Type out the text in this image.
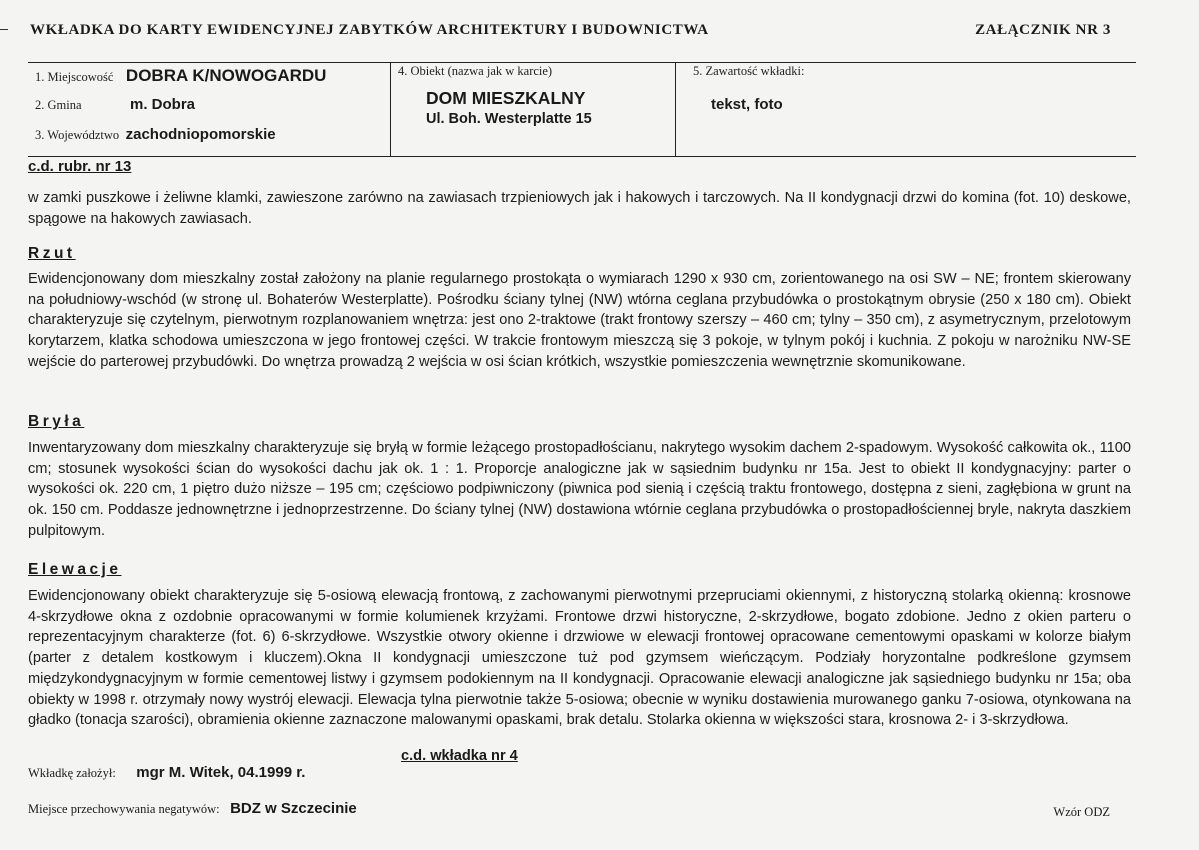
WKŁADKA DO KARTY EWIDENCYJNEJ ZABYTKÓW ARCHITEKTURY I BUDOWNICTWA	ZAŁĄCZNIK NR 3
1. Miejscowość DOBRA K/NOWOGARDU
2. Gmina	m. Dobra
3. Województwo zachodniopomorskie
4. Obiekt (nazwa jak w karcie)
DOM MIESZKALNY
Ul. Boh. Westerplatte 15
5. Zawartość wkładki:
tekst, foto
c.d. rubr. nr 13
w zamki puszkowe i żeliwne klamki, zawieszone zarówno na zawiasach trzpieniowych jak i hakowych i tarczowych. Na II kondygnacji drzwi do komina (fot. 10) deskowe, spągowe na hakowych zawiasach.
Rzut
Ewidencjonowany dom mieszkalny został założony na planie regularnego prostokąta o wymiarach 1290 x 930 cm, zorientowanego na osi SW – NE; frontem skierowany na południowy-wschód (w stronę ul. Bohaterów Westerplatte). Pośrodku ściany tylnej (NW) wtórna ceglana przybudówka o prostokątnym obrysie (250 x 180 cm). Obiekt charakteryzuje się czytelnym, pierwotnym rozplanowaniem wnętrza: jest ono 2-traktowe (trakt frontowy szerszy – 460 cm; tylny – 350 cm), z asymetrycznym, przelotowym korytarzem, klatka schodowa umieszczona w jego frontowej części. W trakcie frontowym mieszczą się 3 pokoje, w tylnym pokój i kuchnia. Z pokoju w narożniku NW-SE wejście do parterowej przybudówki. Do wnętrza prowadzą 2 wejścia w osi ścian krótkich, wszystkie pomieszczenia wewnętrznie skomunikowane.
Bryła
Inwentaryzowany dom mieszkalny charakteryzuje się bryłą w formie leżącego prostopadłościanu, nakrytego wysokim dachem 2-spadowym. Wysokość całkowita ok., 1100 cm; stosunek wysokości ścian do wysokości dachu jak ok. 1 : 1. Proporcje analogiczne jak w sąsiednim budynku nr 15a. Jest to obiekt II kondygnacyjny: parter o wysokości ok. 220 cm, 1 piętro dużo niższe – 195 cm; częściowo podpiwniczony (piwnica pod sienią i częścią traktu frontowego, dostępna z sieni, zagłębiona w grunt na ok. 150 cm. Poddasze jednownętrzne i jednoprzestrzenne. Do ściany tylnej (NW) dostawiona wtórnie ceglana przybudówka o prostopadłościennej bryle, nakryta daszkiem pulpitowym.
Elewacje
Ewidencjonowany obiekt charakteryzuje się 5-osiową elewacją frontową, z zachowanymi pierwotnymi przepruciami okiennymi, z historyczną stolarką okienną: krosnowe 4-skrzydłowe okna z ozdobnie opracowanymi w formie kolumienek krzyżami. Frontowe drzwi historyczne, 2-skrzydłowe, bogato zdobione. Jedno z okien parteru o reprezentacyjnym charakterze (fot. 6) 6-skrzydłowe. Wszystkie otwory okienne i drzwiowe w elewacji frontowej opracowane cementowymi opaskami w kolorze białym (parter z detalem kostkowym i kluczem).Okna II kondygnacji umieszczone tuż pod gzymsem wieńczącym. Podziały horyzontalne podkreślone gzymsem międzykondygnacyjnym w formie cementowej listwy i gzymsem podokiennym na II kondygnacji. Opracowanie elewacji analogiczne jak sąsiedniego budynku nr 15a; oba obiekty w 1998 r. otrzymały nowy wystrój elewacji. Elewacja tylna pierwotnie także 5-osiowa; obecnie w wyniku dostawienia murowanego ganku 7-osiowa, otynkowana na gładko (tonacja szarości), obramienia okienne zaznaczone malowanymi opaskami, brak detalu. Stolarka okienna w większości stara, krosnowa 2- i 3-skrzydłowa.
c.d. wkładka nr 4
Wkładkę założył: mgr M. Witek, 04.1999 r.
Miejsce przechowywania negatywów: BDZ w Szczecinie	Wzór ODZ
